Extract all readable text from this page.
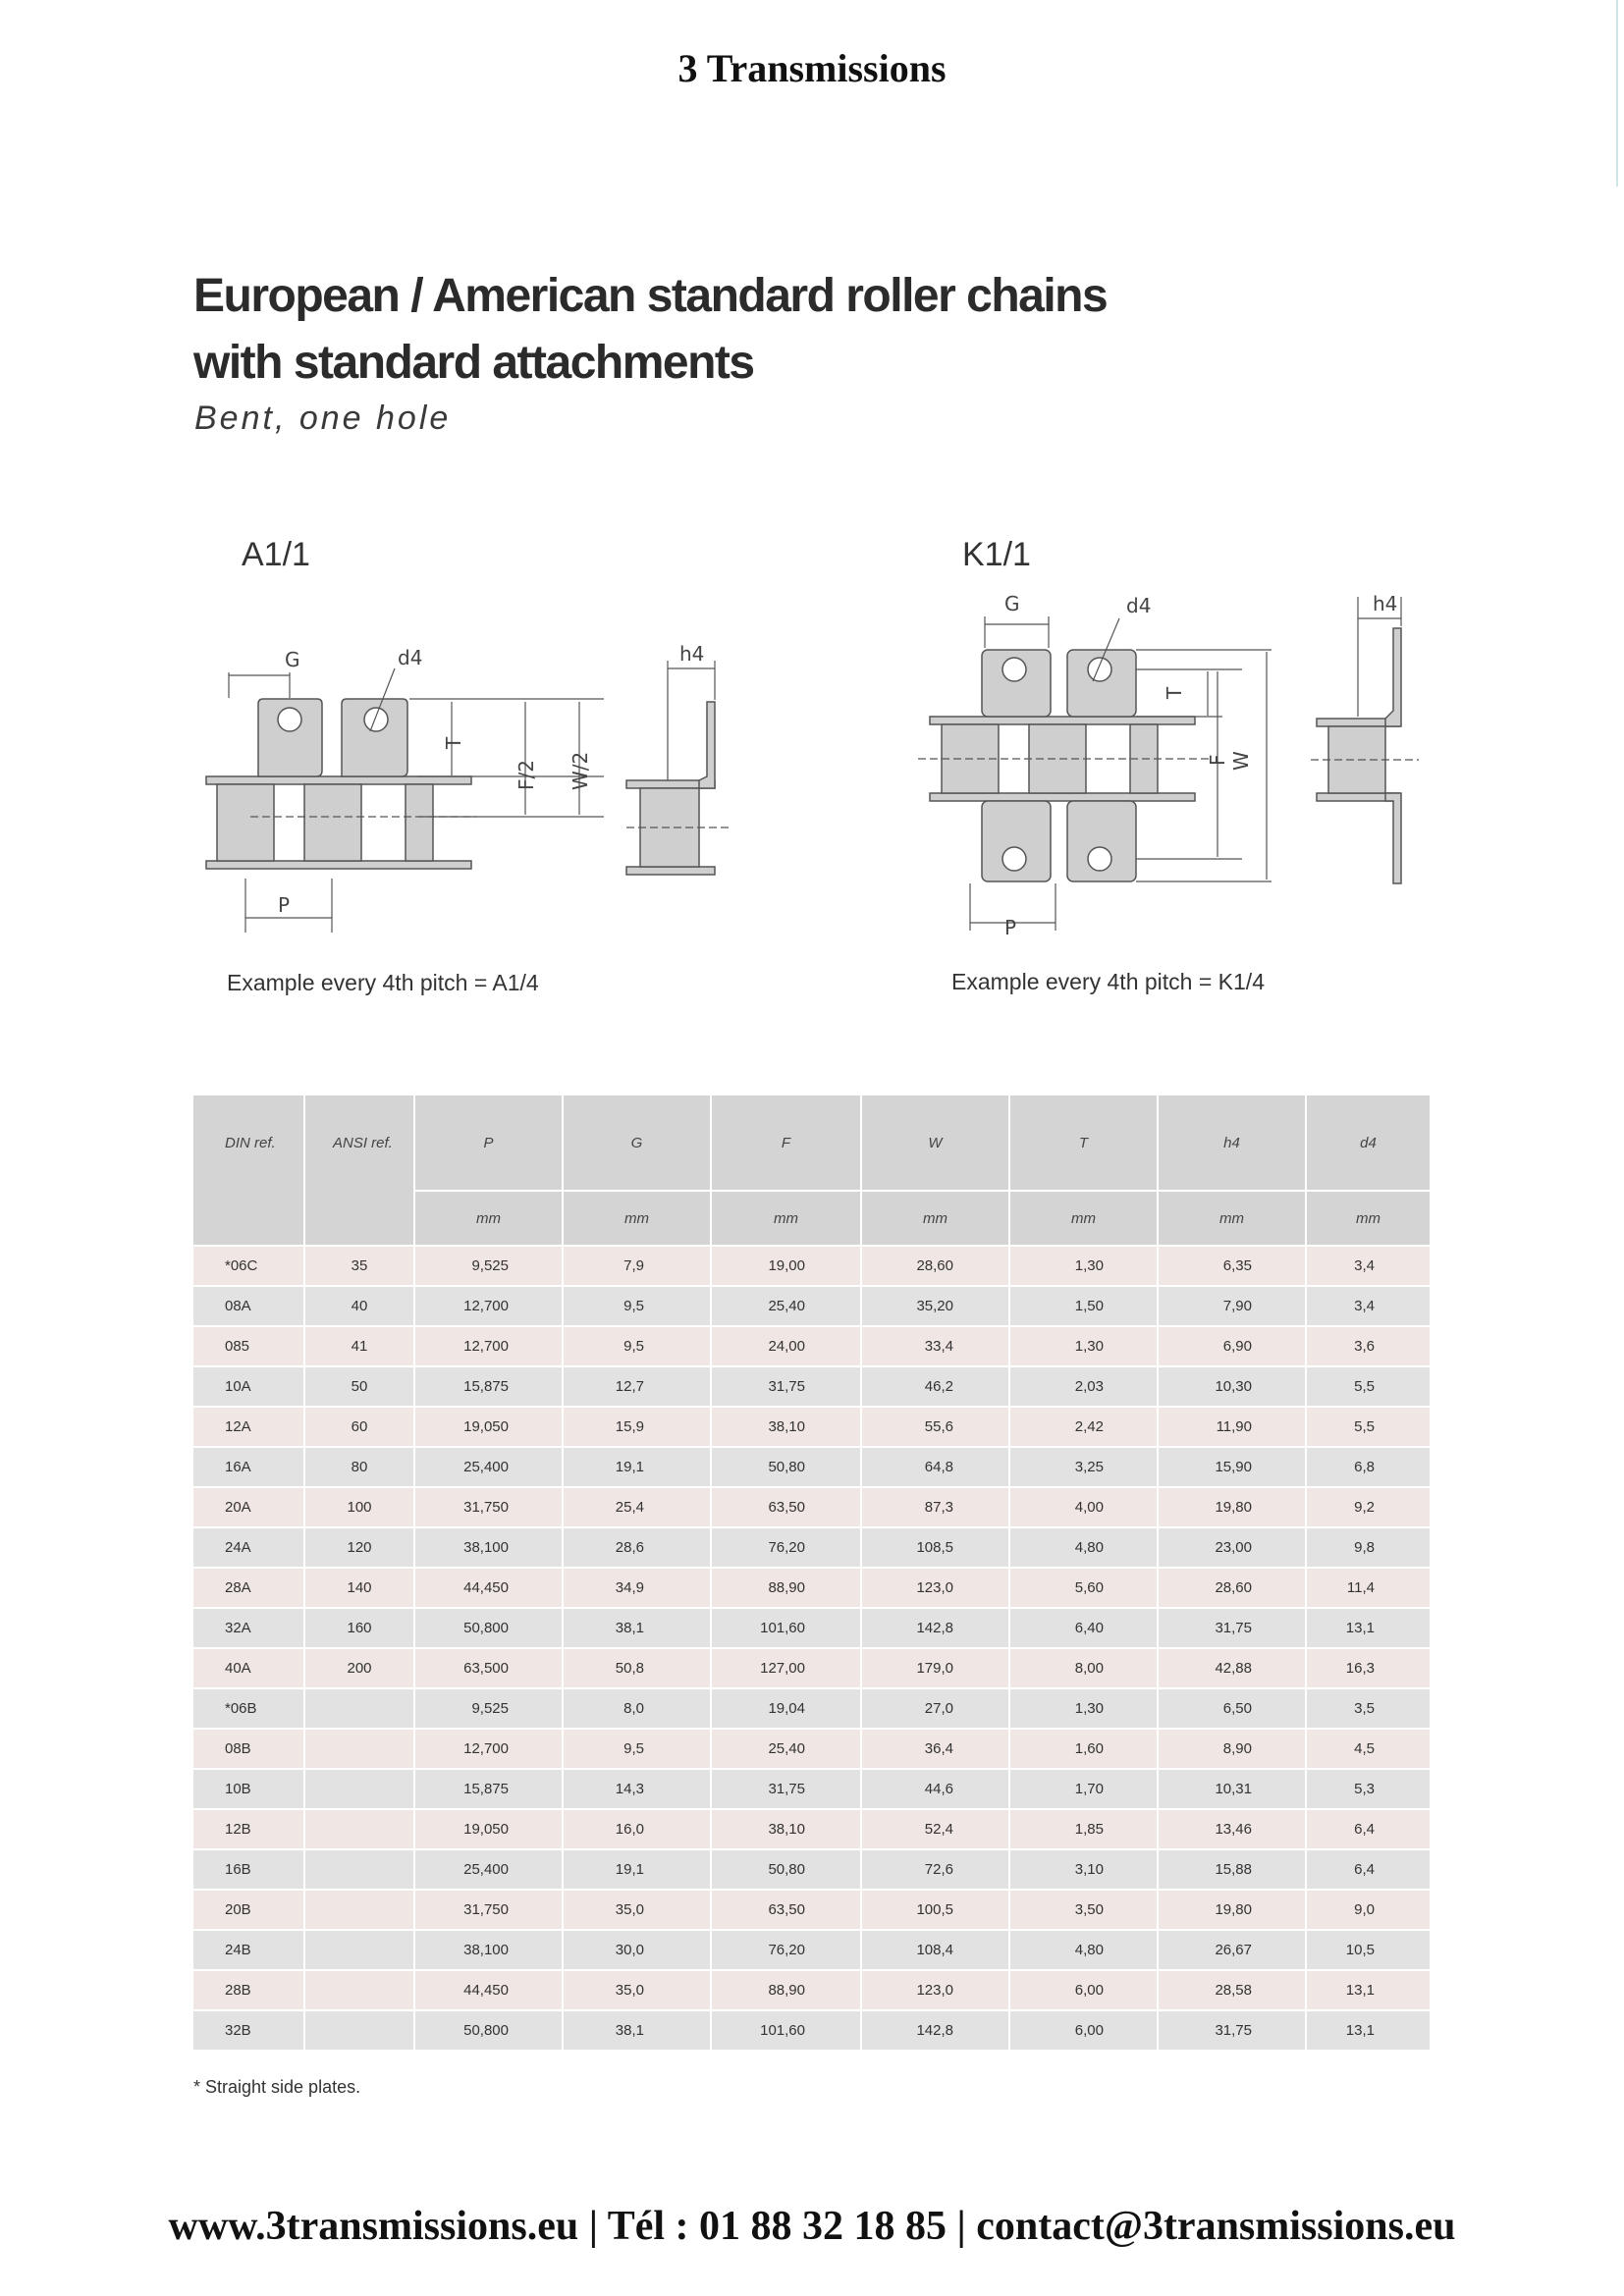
3 Transmissions
European / American standard roller chains
with standard attachments
Bent, one hole
A1/1
G	d4
T
F/2 W/2
P
h4
Example every 4th pitch = A1/4
K1/1
G	d4
T
F W
P
h4
Example every 4th pitch = K1/4
DIN ref.	ANSI ref.	P	G	F	W	T	h4	d4
		mm	mm	mm	mm	mm	mm	mm
*06C	35	9,525	7,9	19,00	28,60	1,30	6,35	3,4
08A	40	12,700	9,5	25,40	35,20	1,50	7,90	3,4
085	41	12,700	9,5	24,00	33,4	1,30	6,90	3,6
10A	50	15,875	12,7	31,75	46,2	2,03	10,30	5,5
12A	60	19,050	15,9	38,10	55,6	2,42	11,90	5,5
16A	80	25,400	19,1	50,80	64,8	3,25	15,90	6,8
20A	100	31,750	25,4	63,50	87,3	4,00	19,80	9,2
24A	120	38,100	28,6	76,20	108,5	4,80	23,00	9,8
28A	140	44,450	34,9	88,90	123,0	5,60	28,60	11,4
32A	160	50,800	38,1	101,60	142,8	6,40	31,75	13,1
40A	200	63,500	50,8	127,00	179,0	8,00	42,88	16,3
*06B		9,525	8,0	19,04	27,0	1,30	6,50	3,5
08B		12,700	9,5	25,40	36,4	1,60	8,90	4,5
10B		15,875	14,3	31,75	44,6	1,70	10,31	5,3
12B		19,050	16,0	38,10	52,4	1,85	13,46	6,4
16B		25,400	19,1	50,80	72,6	3,10	15,88	6,4
20B		31,750	35,0	63,50	100,5	3,50	19,80	9,0
24B		38,100	30,0	76,20	108,4	4,80	26,67	10,5
28B		44,450	35,0	88,90	123,0	6,00	28,58	13,1
32B		50,800	38,1	101,60	142,8	6,00	31,75	13,1
* Straight side plates.
www.3transmissions.eu | Tél : 01 88 32 18 85 | contact@3transmissions.eu
